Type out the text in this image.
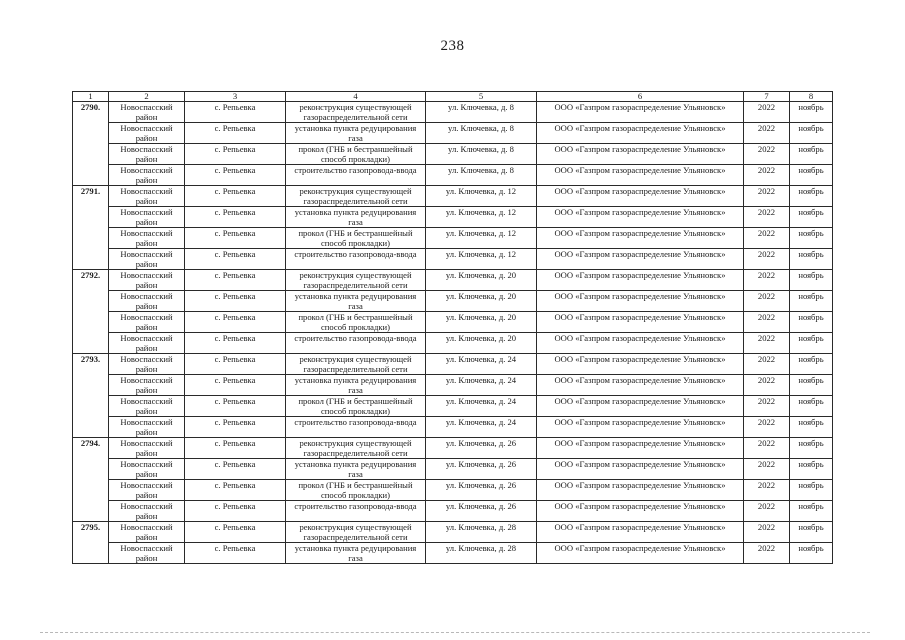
238
1	2	3	4	5	6	7	8

2790.	Новоспасский район	с. Репьевка	реконструкция существующей газораспределительной сети	ул. Ключевка, д. 8	ООО «Газпром газораспределение Ульяновск»	2022	ноябрь
	Новоспасский район	с. Репьевка	установка пункта редуцирования газа	ул. Ключевка, д. 8	ООО «Газпром газораспределение Ульяновск»	2022	ноябрь
	Новоспасский район	с. Репьевка	прокол (ГНБ и бестраншейный способ прокладки)	ул. Ключевка, д. 8	ООО «Газпром газораспределение Ульяновск»	2022	ноябрь
	Новоспасский район	с. Репьевка	строительство газопровода-ввода	ул. Ключевка, д. 8	ООО «Газпром газораспределение Ульяновск»	2022	ноябрь

2791.	Новоспасский район	с. Репьевка	реконструкция существующей газораспределительной сети	ул. Ключевка, д. 12	ООО «Газпром газораспределение Ульяновск»	2022	ноябрь
	Новоспасский район	с. Репьевка	установка пункта редуцирования газа	ул. Ключевка, д. 12	ООО «Газпром газораспределение Ульяновск»	2022	ноябрь
	Новоспасский район	с. Репьевка	прокол (ГНБ и бестраншейный способ прокладки)	ул. Ключевка, д. 12	ООО «Газпром газораспределение Ульяновск»	2022	ноябрь
	Новоспасский район	с. Репьевка	строительство газопровода-ввода	ул. Ключевка, д. 12	ООО «Газпром газораспределение Ульяновск»	2022	ноябрь

2792.	Новоспасский район	с. Репьевка	реконструкция существующей газораспределительной сети	ул. Ключевка, д. 20	ООО «Газпром газораспределение Ульяновск»	2022	ноябрь
	Новоспасский район	с. Репьевка	установка пункта редуцирования газа	ул. Ключевка, д. 20	ООО «Газпром газораспределение Ульяновск»	2022	ноябрь
	Новоспасский район	с. Репьевка	прокол (ГНБ и бестраншейный способ прокладки)	ул. Ключевка, д. 20	ООО «Газпром газораспределение Ульяновск»	2022	ноябрь
	Новоспасский район	с. Репьевка	строительство газопровода-ввода	ул. Ключевка, д. 20	ООО «Газпром газораспределение Ульяновск»	2022	ноябрь

2793.	Новоспасский район	с. Репьевка	реконструкция существующей газораспределительной сети	ул. Ключевка, д. 24	ООО «Газпром газораспределение Ульяновск»	2022	ноябрь
	Новоспасский район	с. Репьевка	установка пункта редуцирования газа	ул. Ключевка, д. 24	ООО «Газпром газораспределение Ульяновск»	2022	ноябрь
	Новоспасский район	с. Репьевка	прокол (ГНБ и бестраншейный способ прокладки)	ул. Ключевка, д. 24	ООО «Газпром газораспределение Ульяновск»	2022	ноябрь
	Новоспасский район	с. Репьевка	строительство газопровода-ввода	ул. Ключевка, д. 24	ООО «Газпром газораспределение Ульяновск»	2022	ноябрь

2794.	Новоспасский район	с. Репьевка	реконструкция существующей газораспределительной сети	ул. Ключевка, д. 26	ООО «Газпром газораспределение Ульяновск»	2022	ноябрь
	Новоспасский район	с. Репьевка	установка пункта редуцирования газа	ул. Ключевка, д. 26	ООО «Газпром газораспределение Ульяновск»	2022	ноябрь
	Новоспасский район	с. Репьевка	прокол (ГНБ и бестраншейный способ прокладки)	ул. Ключевка, д. 26	ООО «Газпром газораспределение Ульяновск»	2022	ноябрь
	Новоспасский район	с. Репьевка	строительство газопровода-ввода	ул. Ключевка, д. 26	ООО «Газпром газораспределение Ульяновск»	2022	ноябрь

2795.	Новоспасский район	с. Репьевка	реконструкция существующей газораспределительной сети	ул. Ключевка, д. 28	ООО «Газпром газораспределение Ульяновск»	2022	ноябрь
	Новоспасский район	с. Репьевка	установка пункта редуцирования газа	ул. Ключевка, д. 28	ООО «Газпром газораспределение Ульяновск»	2022	ноябрь
